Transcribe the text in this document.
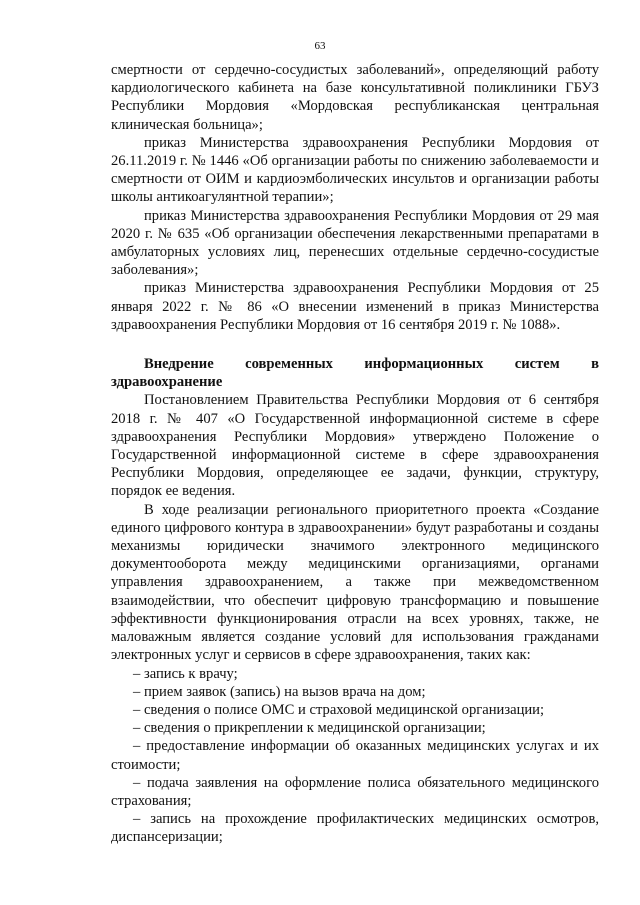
63

смертности от сердечно-сосудистых заболеваний», определяющий работу кардиологического кабинета на базе консультативной поликлиники ГБУЗ Республики Мордовия «Мордовская республиканская центральная клиническая больница»;

приказ Министерства здравоохранения Республики Мордовия от 26.11.2019 г. № 1446 «Об организации работы по снижению заболеваемости и смертности от ОИМ и кардиоэмболических инсультов и организации работы школы антикоагулянтной терапии»;

приказ Министерства здравоохранения Республики Мордовия от 29 мая 2020 г. № 635 «Об организации обеспечения лекарственными препаратами в амбулаторных условиях лиц, перенесших отдельные сердечно-сосудистые заболевания»;

приказ Министерства здравоохранения Республики Мордовия от 25 января 2022 г. № 86 «О внесении изменений в приказ Министерства здравоохранения Республики Мордовия от 16 сентября 2019 г. № 1088».

Внедрение современных информационных систем в здравоохранение

Постановлением Правительства Республики Мордовия от 6 сентября 2018 г. № 407 «О Государственной информационной системе в сфере здравоохранения Республики Мордовия» утверждено Положение о Государственной информационной системе в сфере здравоохранения Республики Мордовия, определяющее ее задачи, функции, структуру, порядок ее ведения.

В ходе реализации регионального приоритетного проекта «Создание единого цифрового контура в здравоохранении» будут разработаны и созданы механизмы юридически значимого электронного медицинского документооборота между медицинскими организациями, органами управления здравоохранением, а также при межведомственном взаимодействии, что обеспечит цифровую трансформацию и повышение эффективности функционирования отрасли на всех уровнях, также, не маловажным является создание условий для использования гражданами электронных услуг и сервисов в сфере здравоохранения, таких как:

– запись к врачу;

– прием заявок (запись) на вызов врача на дом;

– сведения о полисе ОМС и страховой медицинской организации;

– сведения о прикреплении к медицинской организации;

– предоставление информации об оказанных медицинских услугах и их стоимости;

– подача заявления на оформление полиса обязательного медицинского страхования;

– запись на прохождение профилактических медицинских осмотров, диспансеризации;
